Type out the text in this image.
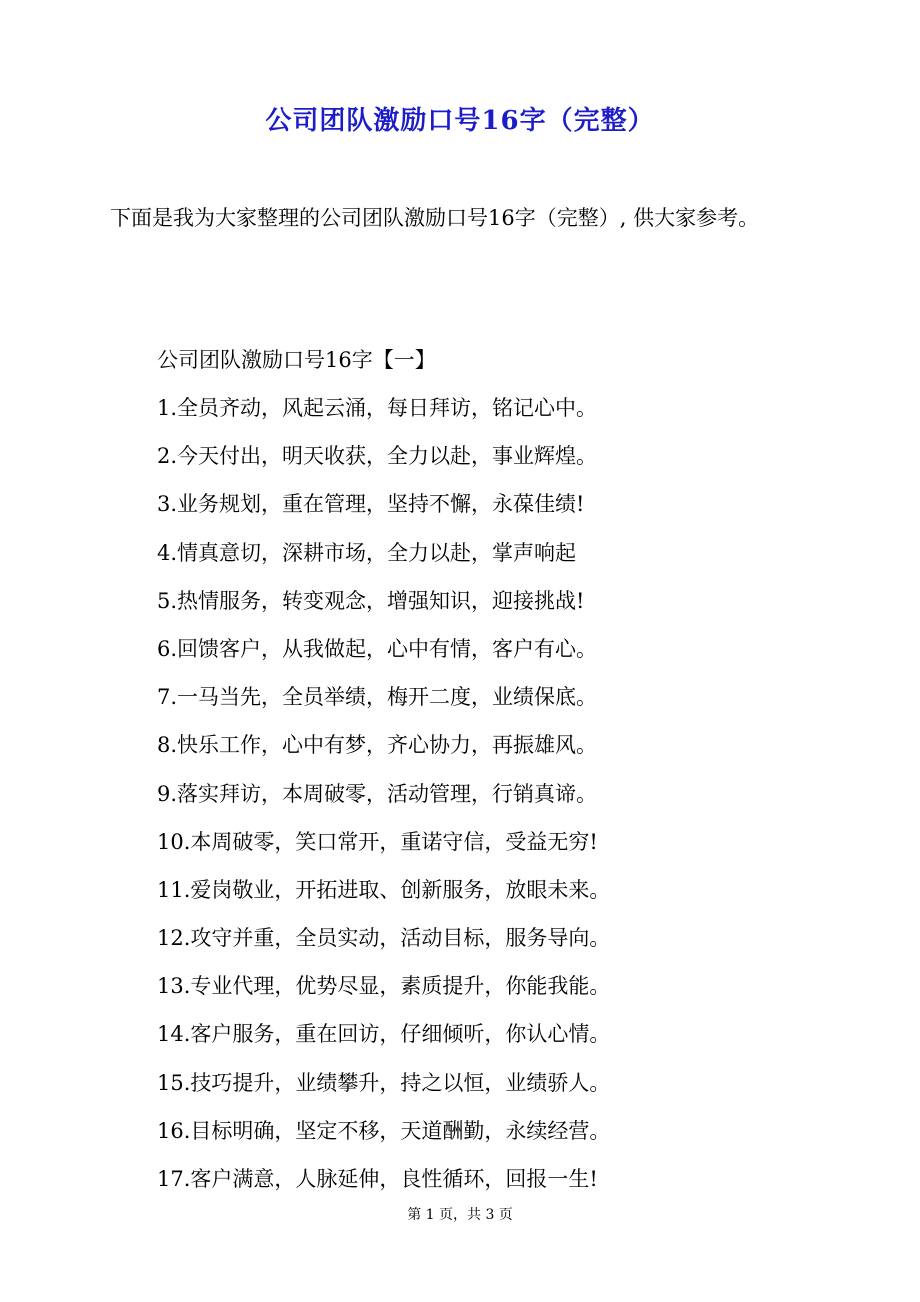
公司团队激励口号16字（完整）
下面是我为大家整理的公司团队激励口号16字（完整）, 供大家参考。
公司团队激励口号16字【一】
1.全员齐动，风起云涌，每日拜访，铭记心中。
2.今天付出，明天收获，全力以赴，事业辉煌。
3.业务规划，重在管理，坚持不懈，永葆佳绩!
4.情真意切，深耕市场，全力以赴，掌声响起
5.热情服务，转变观念，增强知识，迎接挑战!
6.回馈客户，从我做起，心中有情，客户有心。
7.一马当先，全员举绩，梅开二度，业绩保底。
8.快乐工作，心中有梦，齐心协力，再振雄风。
9.落实拜访，本周破零，活动管理，行销真谛。
10.本周破零，笑口常开，重诺守信，受益无穷!
11.爱岗敬业，开拓进取、创新服务，放眼未来。
12.攻守并重，全员实动，活动目标，服务导向。
13.专业代理，优势尽显，素质提升，你能我能。
14.客户服务，重在回访，仔细倾听，你认心情。
15.技巧提升，业绩攀升，持之以恒，业绩骄人。
16.目标明确，坚定不移，天道酬勤，永续经营。
17.客户满意，人脉延伸，良性循环，回报一生!
第 1 页，共 3 页
